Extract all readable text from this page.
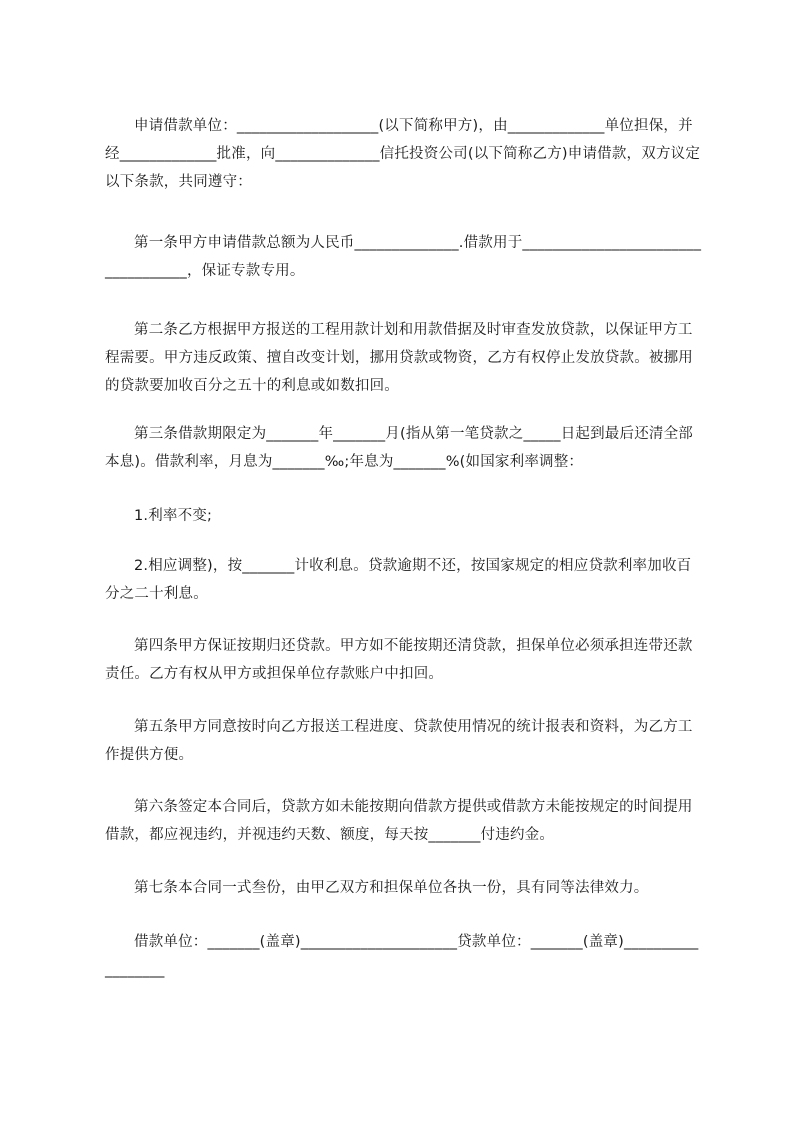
申请借款单位：___________________(以下简称甲方)，由_____________单位担保，并经_____________批准，向______________信托投资公司(以下简称乙方)申请借款，双方议定以下条款，共同遵守：

第一条甲方申请借款总额为人民币______________.借款用于___________________________________，保证专款专用。

第二条乙方根据甲方报送的工程用款计划和用款借据及时审查发放贷款，以保证甲方工程需要。甲方违反政策、擅自改变计划，挪用贷款或物资，乙方有权停止发放贷款。被挪用的贷款要加收百分之五十的利息或如数扣回。

第三条借款期限定为_______年_______月(指从第一笔贷款之_____日起到最后还清全部本息)。借款利率，月息为_______‰;年息为_______%(如国家利率调整：

1.利率不变;

2.相应调整)，按_______计收利息。贷款逾期不还，按国家规定的相应贷款利率加收百分之二十利息。

第四条甲方保证按期归还贷款。甲方如不能按期还清贷款，担保单位必须承担连带还款责任。乙方有权从甲方或担保单位存款账户中扣回。

第五条甲方同意按时向乙方报送工程进度、贷款使用情况的统计报表和资料，为乙方工作提供方便。

第六条签定本合同后，贷款方如未能按期向借款方提供或借款方未能按规定的时间提用借款，都应视违约，并视违约天数、额度，每天按_______付违约金。

第七条本合同一式叁份，由甲乙双方和担保单位各执一份，具有同等法律效力。

借款单位：_______(盖章)_____________________贷款单位：_______(盖章)__________________
